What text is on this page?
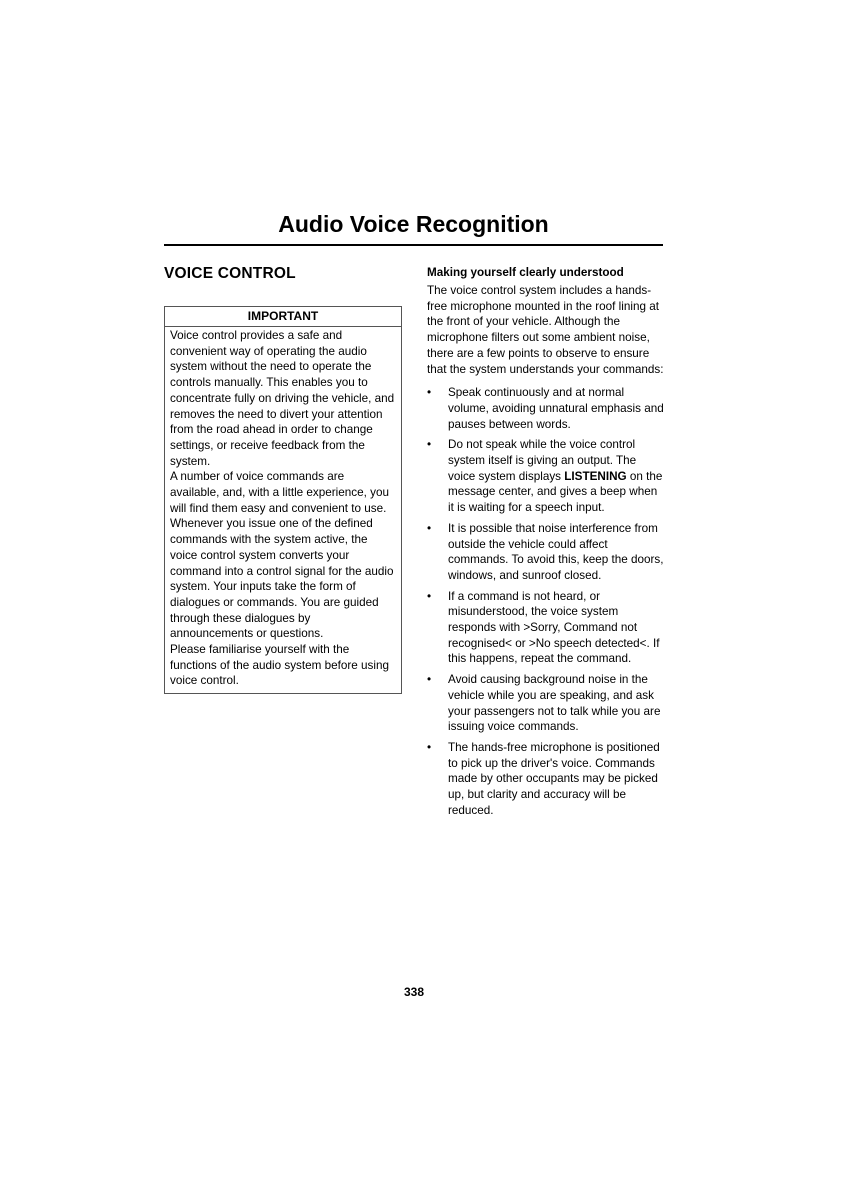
Audio Voice Recognition
VOICE CONTROL
IMPORTANT

Voice control provides a safe and convenient way of operating the audio system without the need to operate the controls manually. This enables you to concentrate fully on driving the vehicle, and removes the need to divert your attention from the road ahead in order to change settings, or receive feedback from the system.

A number of voice commands are available, and, with a little experience, you will find them easy and convenient to use. Whenever you issue one of the defined commands with the system active, the voice control system converts your command into a control signal for the audio system. Your inputs take the form of dialogues or commands. You are guided through these dialogues by announcements or questions.

Please familiarise yourself with the functions of the audio system before using voice control.

Making yourself clearly understood

The voice control system includes a hands-free microphone mounted in the roof lining at the front of your vehicle. Although the microphone filters out some ambient noise, there are a few points to observe to ensure that the system understands your commands:

• Speak continuously and at normal volume, avoiding unnatural emphasis and pauses between words.
• Do not speak while the voice control system itself is giving an output. The voice system displays LISTENING on the message center, and gives a beep when it is waiting for a speech input.
• It is possible that noise interference from outside the vehicle could affect commands. To avoid this, keep the doors, windows, and sunroof closed.
• If a command is not heard, or misunderstood, the voice system responds with >Sorry, Command not recognised< or >No speech detected<. If this happens, repeat the command.
• Avoid causing background noise in the vehicle while you are speaking, and ask your passengers not to talk while you are issuing voice commands.
• The hands-free microphone is positioned to pick up the driver's voice. Commands made by other occupants may be picked up, but clarity and accuracy will be reduced.
338
